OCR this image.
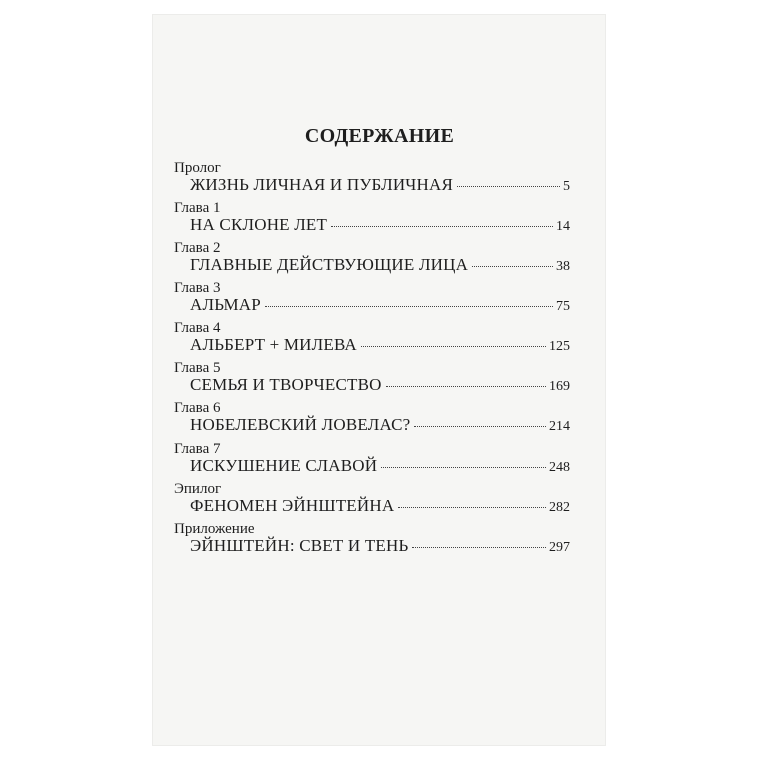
СОДЕРЖАНИЕ
Пролог
ЖИЗНЬ ЛИЧНАЯ И ПУБЛИЧНАЯ	5
Глава 1
НА СКЛОНЕ ЛЕТ	14
Глава 2
ГЛАВНЫЕ ДЕЙСТВУЮЩИЕ ЛИЦА	38
Глава 3
АЛЬМАР	75
Глава 4
АЛЬБЕРТ + МИЛЕВА	125
Глава 5
СЕМЬЯ И ТВОРЧЕСТВО	169
Глава 6
НОБЕЛЕВСКИЙ ЛОВЕЛАС?	214
Глава 7
ИСКУШЕНИЕ СЛАВОЙ	248
Эпилог
ФЕНОМЕН ЭЙНШТЕЙНА	282
Приложение
ЭЙНШТЕЙН: СВЕТ И ТЕНЬ	297
